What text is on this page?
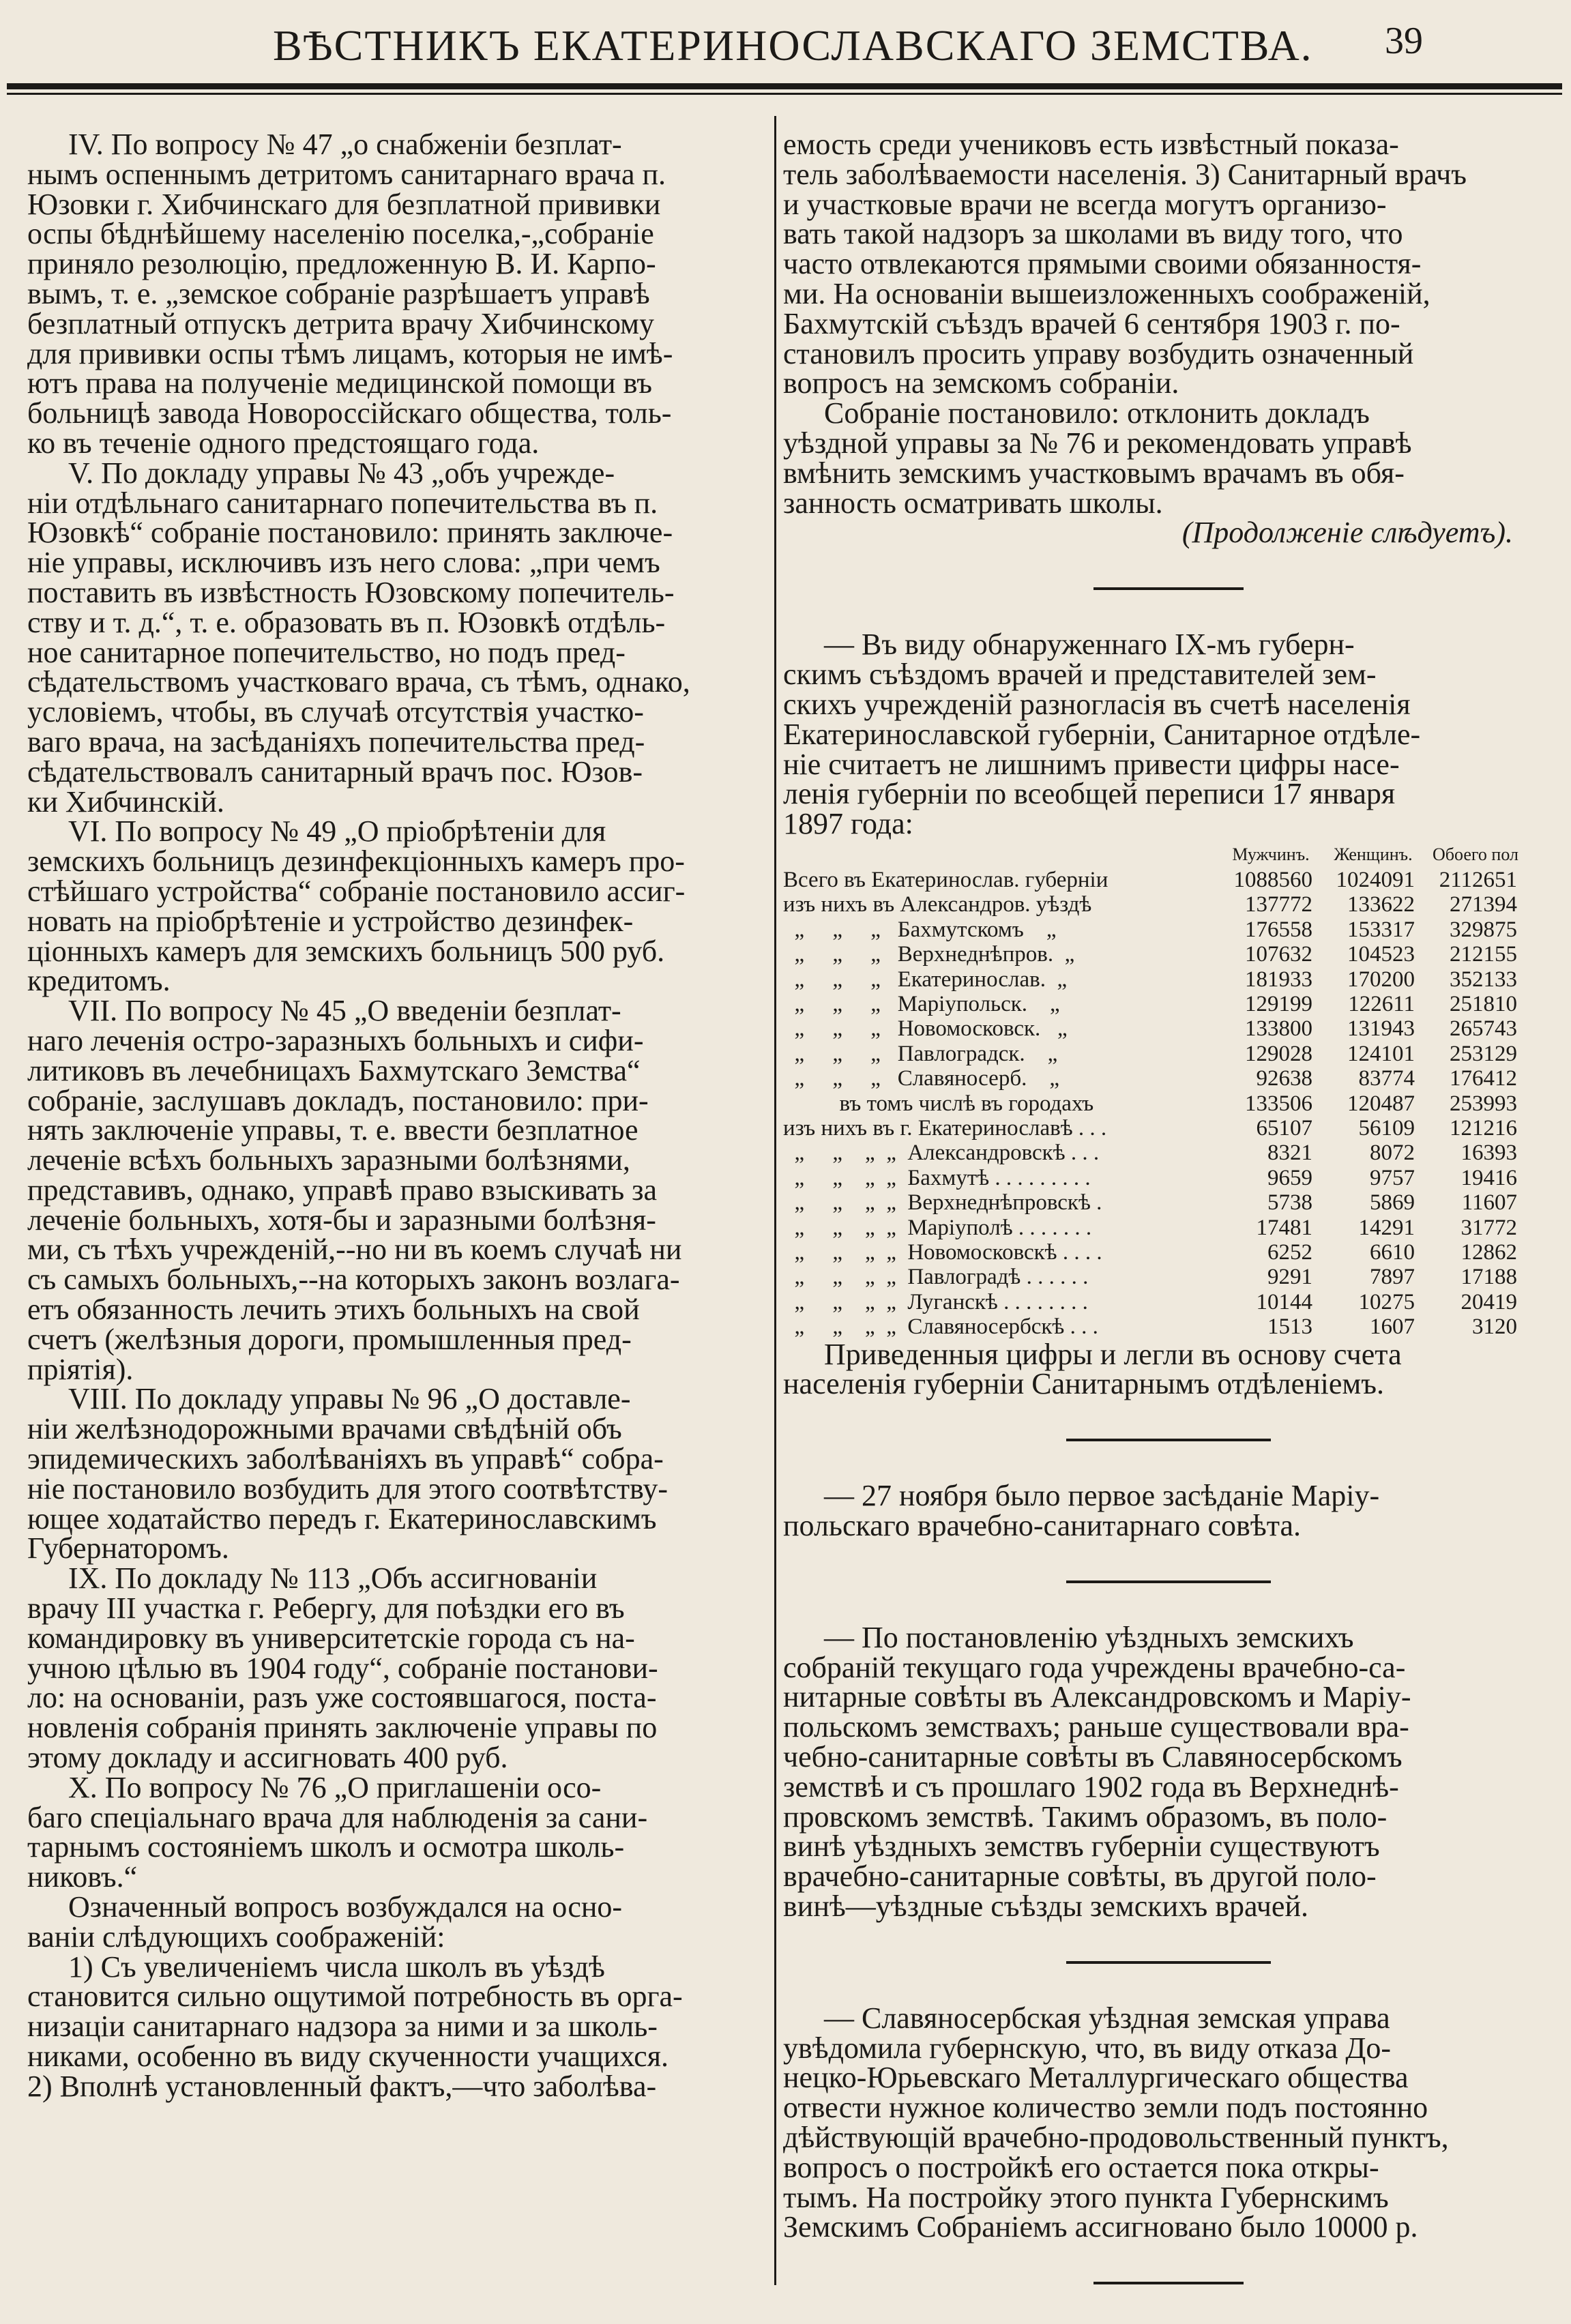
ВѢСТНИКЪ ЕКАТЕРИНОСЛАВСКАГО ЗЕМСТВА. 39

IV. По вопросу № 47 „о снабженіи безплат-
нымъ оспеннымъ детритомъ санитарнаго врача п.
Юзовки г. Хибчинскаго для безплатной прививки
оспы бѣднѣйшему населенію поселка,-„собраніе
приняло резолюцію, предложенную В. И. Карпо-
вымъ, т. е. „земское собраніе разрѣшаетъ управѣ
безплатный отпускъ детрита врачу Хибчинскому
для прививки оспы тѣмъ лицамъ, которыя не имѣ-
ютъ права на полученіе медицинской помощи въ
больницѣ завода Новороссійскаго общества, толь-
ко въ теченіе одного предстоящаго года.

V. По докладу управы № 43 „объ учрежде-
ніи отдѣльнаго санитарнаго попечительства въ п.
Юзовкѣ“ собраніе постановило: принять заключе-
ніе управы, исключивъ изъ него слова: „при чемъ
поставить въ извѣстность Юзовскому попечитель-
ству и т. д.“, т. е. образовать въ п. Юзовкѣ отдѣль-
ное санитарное попечительство, но подъ пред-
сѣдательствомъ участковаго врача, съ тѣмъ, однако,
условіемъ, чтобы, въ случаѣ отсутствія участко-
ваго врача, на засѣданіяхъ попечительства пред-
сѣдательствовалъ санитарный врачъ пос. Юзов-
ки Хибчинскій.

VI. По вопросу № 49 „О пріобрѣтеніи для
земскихъ больницъ дезинфекціонныхъ камеръ про-
стѣйшаго устройства“ собраніе постановило ассиг-
новать на пріобрѣтеніе и устройство дезинфек-
ціонныхъ камеръ для земскихъ больницъ 500 руб.
кредитомъ.

VII. По вопросу № 45 „О введеніи безплат-
наго леченія остро-заразныхъ больныхъ и сифи-
литиковъ въ лечебницахъ Бахмутскаго Земства“
собраніе, заслушавъ докладъ, постановило: при-
нять заключеніе управы, т. е. ввести безплатное
леченіе всѣхъ больныхъ заразными болѣзнями,
представивъ, однако, управѣ право взыскивать за
леченіе больныхъ, хотя-бы и заразными болѣзня-
ми, съ тѣхъ учрежденій,--но ни въ коемъ случаѣ ни
съ самыхъ больныхъ,--на которыхъ законъ возлага-
етъ обязанность лечить этихъ больныхъ на свой
счетъ (желѣзныя дороги, промышленныя пред-
пріятія).

VIII. По докладу управы № 96 „О доставле-
ніи желѣзнодорожными врачами свѣдѣній объ
эпидемическихъ заболѣваніяхъ въ управѣ“ собра-
ніе постановило возбудить для этого соотвѣтству-
ющее ходатайство передъ г. Екатеринославскимъ
Губернаторомъ.

IX. По докладу № 113 „Объ ассигнованіи
врачу III участка г. Ребергу, для поѣздки его въ
командировку въ университетскіе города съ на-
учною цѣлью въ 1904 году“, собраніе постанови-
ло: на основаніи, разъ уже состоявшагося, поста-
новленія собранія принять заключеніе управы по
этому докладу и ассигновать 400 руб.

X. По вопросу № 76 „О приглашеніи осо-
баго спеціальнаго врача для наблюденія за сани-
тарнымъ состояніемъ школъ и осмотра школь-
никовъ.“

Означенный вопросъ возбуждался на осно-
ваніи слѣдующихъ соображеній:

1) Съ увеличеніемъ числа школъ въ уѣздѣ
становится сильно ощутимой потребность въ орга-
низаціи санитарнаго надзора за ними и за школь-
никами, особенно въ виду скученности учащихся.

2) Вполнѣ установленный фактъ,—что заболѣва-

емость среди учениковъ есть извѣстный показа-
тель заболѣваемости населенія. 3) Санитарный врачъ
и участковые врачи не всегда могутъ организо-
вать такой надзоръ за школами въ виду того, что
часто отвлекаются прямыми своими обязанностя-
ми. На основаніи вышеизложенныхъ соображеній,
Бахмутскій съѣздъ врачей 6 сентября 1903 г. по-
становилъ просить управу возбудить означенный
вопросъ на земскомъ собраніи.

Собраніе постановило: отклонить докладъ
уѣздной управы за № 76 и рекомендовать управѣ
вмѣнить земскимъ участковымъ врачамъ въ обя-
занность осматривать школы.

(Продолженіе слѣдуетъ).

— Въ виду обнаруженнаго IX-мъ губерн-
скимъ съѣздомъ врачей и представителей зем-
скихъ учрежденій разногласія въ счетѣ населенія
Екатеринославской губерніи, Санитарное отдѣле-
ніе считаетъ не лишнимъ привести цифры насе-
ленія губерніи по всеобщей переписи 17 января
1897 года:

Мужчинъ.	Женщинъ.	Обоего пол
Всего въ Екатеринослав. губерніи	1088560	1024091	2112651
изъ нихъ въ Александров. уѣздѣ	137772	133622	271394
„     „     „   Бахмутскомъ    „	176558	153317	329875
„     „     „   Верхнеднѣпров.  „	107632	104523	212155
„     „     „   Екатеринослав.  „	181933	170200	352133
„     „     „   Маріупольск.    „	129199	122611	251810
„     „     „   Новомосковск.   „	133800	131943	265743
„     „     „   Павлоградск.    „	129028	124101	253129
„     „     „   Славяносерб.    „	92638	83774	176412
въ томъ числѣ въ городахъ	133506	120487	253993
изъ нихъ въ г. Екатеринославѣ . . .	65107	56109	121216
„     „    „  „  Александровскѣ . . .	8321	8072	16393
„     „    „  „  Бахмутѣ . . . . . . . . .	9659	9757	19416
„     „    „  „  Верхнеднѣпровскѣ .	5738	5869	11607
„     „    „  „  Маріуполѣ . . . . . . .	17481	14291	31772
„     „    „  „  Новомосковскѣ . . . .	6252	6610	12862
„     „    „  „  Павлоградѣ . . . . . .	9291	7897	17188
„     „    „  „  Луганскѣ . . . . . . . .	10144	10275	20419
„     „    „  „  Славяносербскѣ . . .	1513	1607	3120

Приведенныя цифры и легли въ основу счета
населенія губерніи Санитарнымъ отдѣленіемъ.

— 27 ноября было первое засѣданіе Маріу-
польскаго врачебно-санитарнаго совѣта.

— По постановленію уѣздныхъ земскихъ
собраній текущаго года учреждены врачебно-са-
нитарные совѣты въ Александровскомъ и Маріу-
польскомъ земствахъ; раньше существовали вра-
чебно-санитарные совѣты въ Славяносербскомъ
земствѣ и съ прошлаго 1902 года въ Верхнеднѣ-
провскомъ земствѣ. Такимъ образомъ, въ поло-
винѣ уѣздныхъ земствъ губерніи существуютъ
врачебно-санитарные совѣты, въ другой поло-
винѣ—уѣздные съѣзды земскихъ врачей.

— Славяносербская уѣздная земская управа
увѣдомила губернскую, что, въ виду отказа До-
нецко-Юрьевскаго Металлургическаго общества
отвести нужное количество земли подъ постоянно
дѣйствующій врачебно-продовольственный пунктъ,
вопросъ о постройкѣ его остается пока откры-
тымъ. На постройку этого пункта Губернскимъ
Земскимъ Собраніемъ ассигновано было 10000 р.
